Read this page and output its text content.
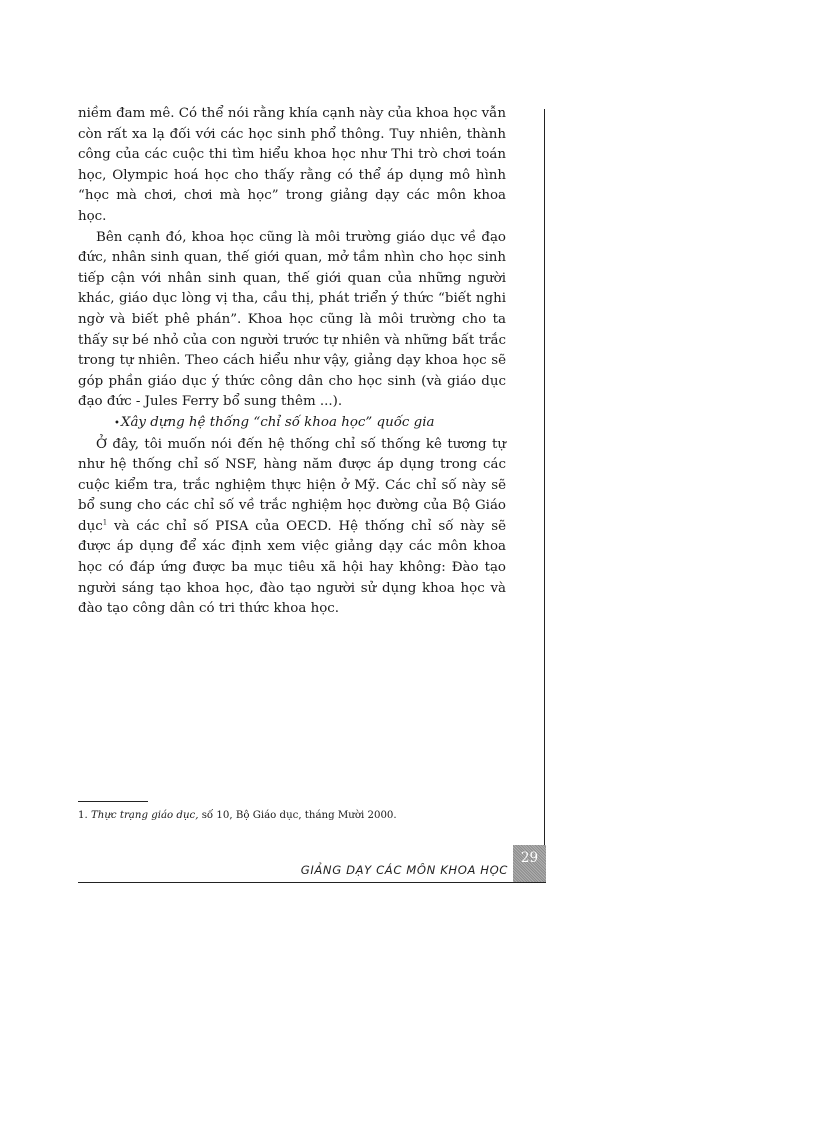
niềm đam mê. Có thể nói rằng khía cạnh này của khoa học vẫn còn rất xa lạ đối với các học sinh phổ thông. Tuy nhiên, thành công của các cuộc thi tìm hiểu khoa học như Thi trò chơi toán học, Olympic hoá học cho thấy rằng có thể áp dụng mô hình “học mà chơi, chơi mà học” trong giảng dạy các môn khoa học.

Bên cạnh đó, khoa học cũng là môi trường giáo dục về đạo đức, nhân sinh quan, thế giới quan, mở tầm nhìn cho học sinh tiếp cận với nhân sinh quan, thế giới quan của những người khác, giáo dục lòng vị tha, cầu thị, phát triển ý thức “biết nghi ngờ và biết phê phán”. Khoa học cũng là môi trường cho ta thấy sự bé nhỏ của con người trước tự nhiên và những bất trắc trong tự nhiên. Theo cách hiểu như vậy, giảng dạy khoa học sẽ góp phần giáo dục ý thức công dân cho học sinh (và giáo dục đạo đức - Jules Ferry bổ sung thêm ...).

•Xây dựng hệ thống “chỉ số khoa học” quốc gia

Ở đây, tôi muốn nói đến hệ thống chỉ số thống kê tương tự như hệ thống chỉ số NSF, hàng năm được áp dụng trong các cuộc kiểm tra, trắc nghiệm thực hiện ở Mỹ. Các chỉ số này sẽ bổ sung cho các chỉ số về trắc nghiệm học đường của Bộ Giáo dục$^1$ và các chỉ số PISA của OECD. Hệ thống chỉ số này sẽ được áp dụng để xác định xem việc giảng dạy các môn khoa học có đáp ứng được ba mục tiêu xã hội hay không: Đào tạo người sáng tạo khoa học, đào tạo người sử dụng khoa học và đào tạo công dân có tri thức khoa học.

1. Thực trạng giáo dục, số 10, Bộ Giáo dục, tháng Mười 2000.
GIẢNG DẠY CÁC MÔN KHOA HỌC
29
